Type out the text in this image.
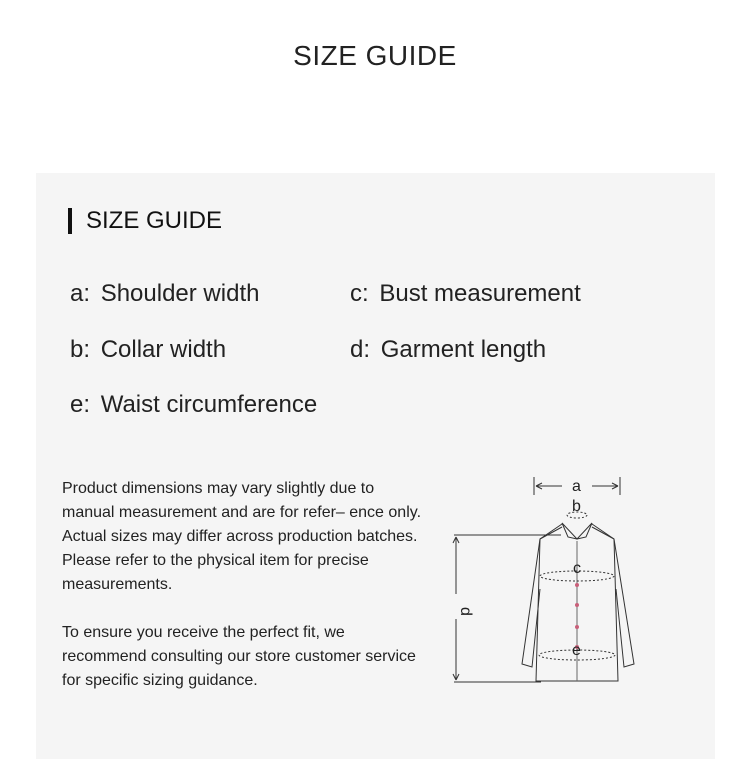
SIZE GUIDE
SIZE GUIDE
a: Shoulder width	c: Bust measurement
b: Collar width	d: Garment length
e: Waist circumference
Product dimensions may vary slightly due to manual measurement and are for refer– ence only. Actual sizes may differ across production batches. Please refer to the physical item for precise measurements.
To ensure you receive the perfect fit, we recommend consulting our store customer service for specific sizing guidance.
a
b
c
e
d
